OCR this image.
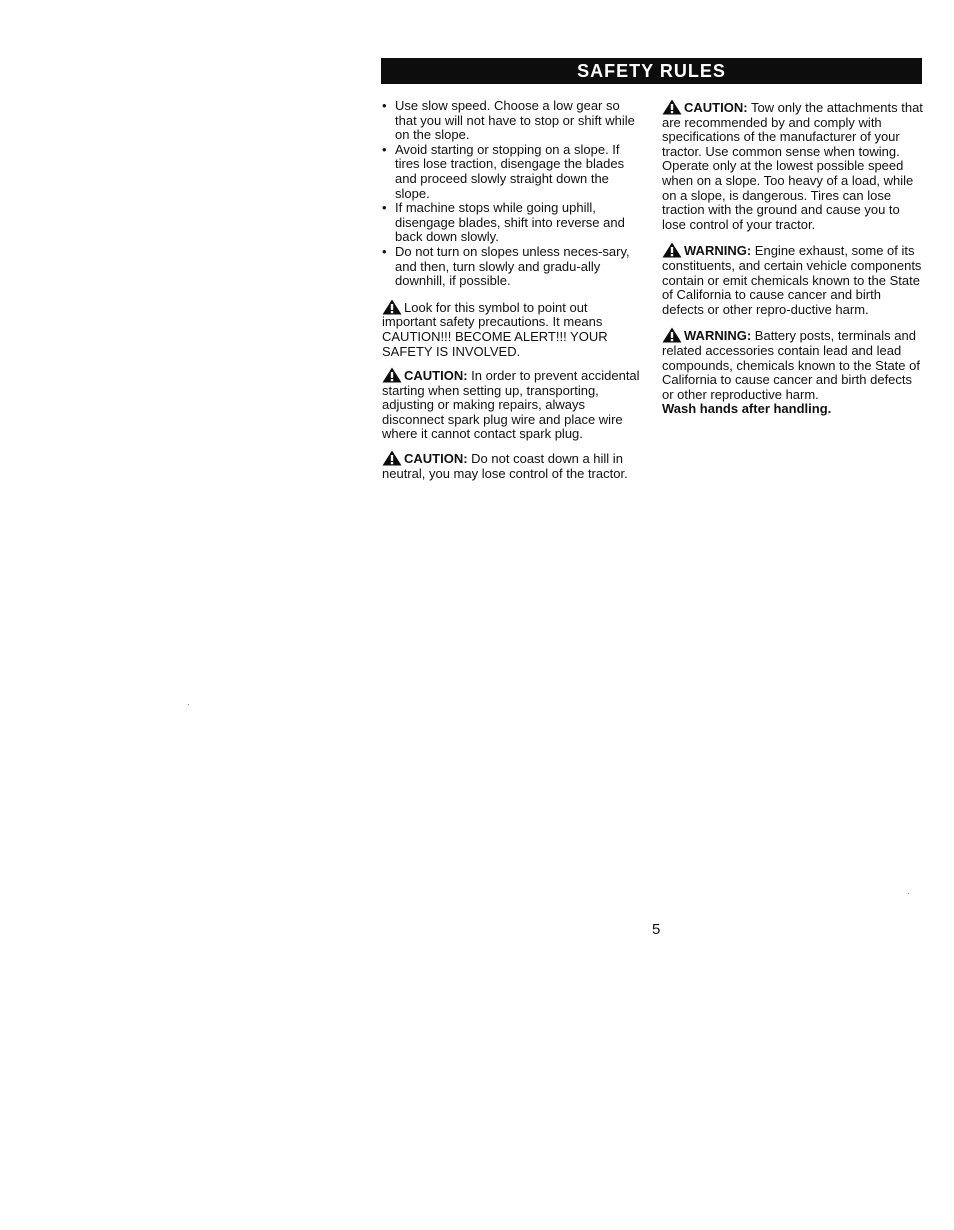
SAFETY RULES
• Use slow speed. Choose a low gear so that you will not have to stop or shift while on the slope.
• Avoid starting or stopping on a slope. If tires lose traction, disengage the blades and proceed slowly straight down the slope.
• If machine stops while going uphill, disengage blades, shift into reverse and back down slowly.
• Do not turn on slopes unless neces-sary, and then, turn slowly and gradu-ally downhill, if possible.

Look for this symbol to point out important safety precautions. It means CAUTION!!! BECOME ALERT!!! YOUR SAFETY IS INVOLVED.

CAUTION: In order to prevent accidental starting when setting up, transporting, adjusting or making repairs, always disconnect spark plug wire and place wire where it cannot contact spark plug.

CAUTION: Do not coast down a hill in neutral, you may lose control of the tractor.

CAUTION: Tow only the attachments that are recommended by and comply with specifications of the manufacturer of your tractor. Use common sense when towing. Operate only at the lowest possible speed when on a slope. Too heavy of a load, while on a slope, is dangerous. Tires can lose traction with the ground and cause you to lose control of your tractor.

WARNING: Engine exhaust, some of its constituents, and certain vehicle components contain or emit chemicals known to the State of California to cause cancer and birth defects or other repro-ductive harm.

WARNING: Battery posts, terminals and related accessories contain lead and lead compounds, chemicals known to the State of California to cause cancer and birth defects or other reproductive harm.
Wash hands after handling.

5
